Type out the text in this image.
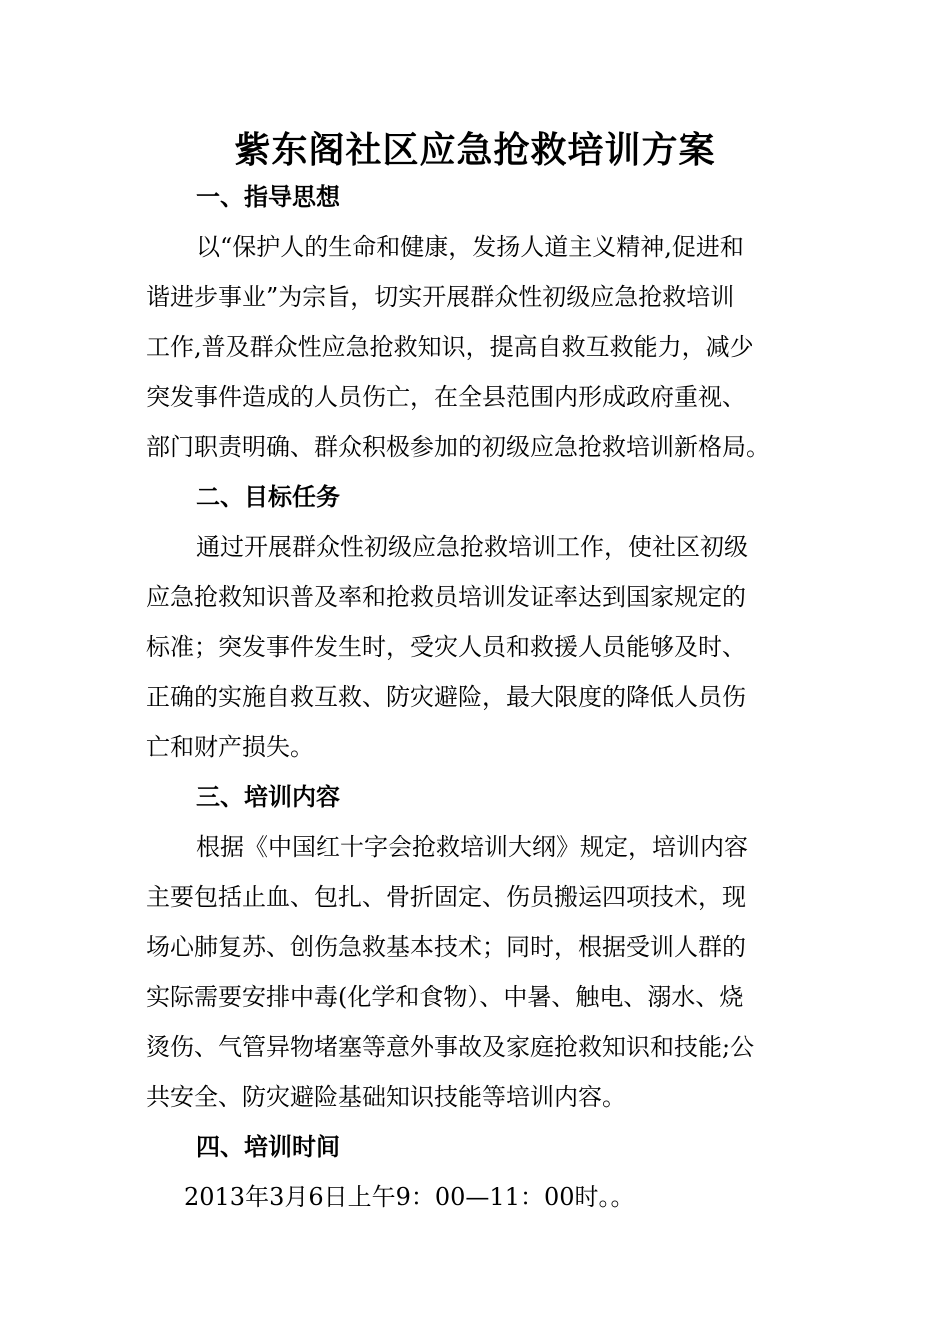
紫东阁社区应急抢救培训方案
一、指导思想
以“保护人的生命和健康，发扬人道主义精神,促进和
谐进步事业”为宗旨，切实开展群众性初级应急抢救培训
工作,普及群众性应急抢救知识，提高自救互救能力，减少
突发事件造成的人员伤亡，在全县范围内形成政府重视、
部门职责明确、群众积极参加的初级应急抢救培训新格局。
二、目标任务
通过开展群众性初级应急抢救培训工作，使社区初级
应急抢救知识普及率和抢救员培训发证率达到国家规定的
标准；突发事件发生时，受灾人员和救援人员能够及时、
正确的实施自救互救、防灾避险，最大限度的降低人员伤
亡和财产损失。
三、培训内容
根据《中国红十字会抢救培训大纲》规定，培训内容
主要包括止血、包扎、骨折固定、伤员搬运四项技术，现
场心肺复苏、创伤急救基本技术；同时，根据受训人群的
实际需要安排中毒(化学和食物）、中暑、触电、溺水、烧
烫伤、气管异物堵塞等意外事故及家庭抢救知识和技能;公
共安全、防灾避险基础知识技能等培训内容。
四、培训时间
2013年3月6日上午9：00—11：00时。。
